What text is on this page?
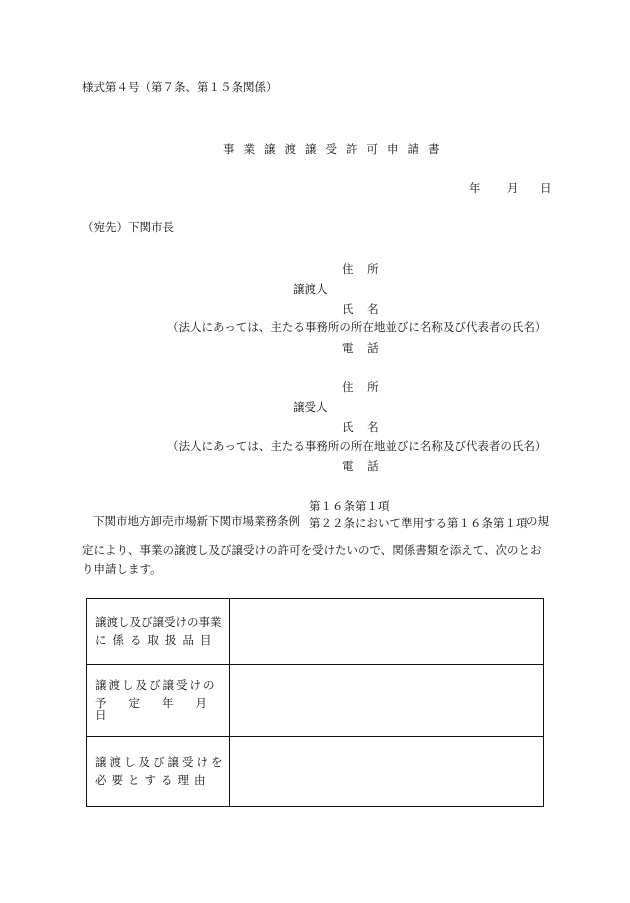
様式第４号（第７条、第１５条関係）
事業譲渡譲受許可申請書
年 月 日
（宛先）下関市長
住 所
譲渡人
氏 名
（法人にあっては、主たる事務所の所在地並びに名称及び代表者の氏名）
電 話
住 所
譲受人
氏 名
（法人にあっては、主たる事務所の所在地並びに名称及び代表者の氏名）
電 話
第１６条第１項
下関市地方卸売市場新下関市場業務条例 第２２条において準用する第１６条第１項
の規
定により、事業の譲渡し及び譲受けの許可を受けたいので、関係書類を添えて、次のとお
り申請します。
譲渡し及び譲受けの事業
に係る取扱品目	

譲渡し及び譲受けの
予定年月日	

譲渡し及び譲受けを
必要とする理由	
